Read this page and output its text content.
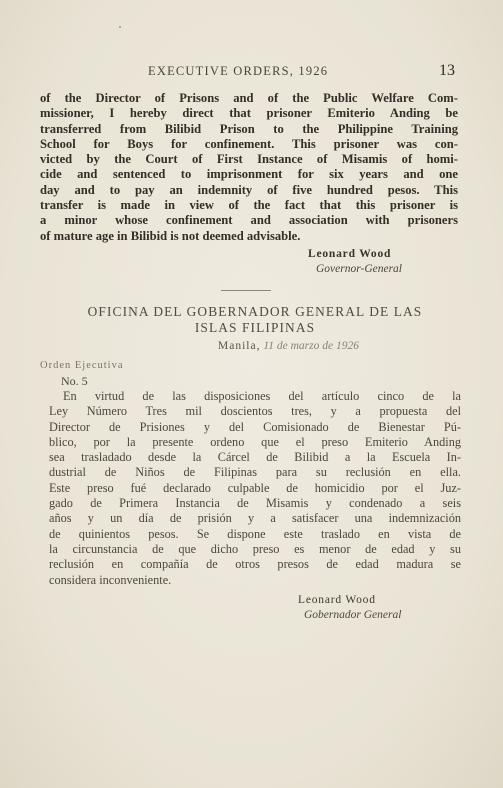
EXECUTIVE ORDERS, 1926	13
of the Director of Prisons and of the Public Welfare Com-
missioner, I hereby direct that prisoner Emiterio Anding be
transferred from Bilibid Prison to the Philippine Training
School for Boys for confinement. This prisoner was con-
victed by the Court of First Instance of Misamis of homi-
cide and sentenced to imprisonment for six years and one
day and to pay an indemnity of five hundred pesos. This
transfer is made in view of the fact that this prisoner is
a minor whose confinement and association with prisoners
of mature age in Bilibid is not deemed advisable.
Leonard Wood
Governor-General
OFICINA DEL GOBERNADOR GENERAL DE LAS
ISLAS FILIPINAS
Manila, 11 de marzo de 1926
Orden Ejecutiva
No. 5
En virtud de las disposiciones del artículo cinco de la
Ley Número Tres mil doscientos tres, y a propuesta del
Director de Prisiones y del Comisionado de Bienestar Pú-
blico, por la presente ordeno que el preso Emiterio Anding
sea trasladado desde la Cárcel de Bilibid a la Escuela In-
dustrial de Niños de Filipinas para su reclusión en ella.
Este preso fué declarado culpable de homicidio por el Juz-
gado de Primera Instancia de Misamis y condenado a seis
años y un día de prisión y a satisfacer una indemnización
de quinientos pesos. Se dispone este traslado en vista de
la circunstancia de que dicho preso es menor de edad y su
reclusión en compañía de otros presos de edad madura se
considera inconveniente.
Leonard Wood
Gobernador General
